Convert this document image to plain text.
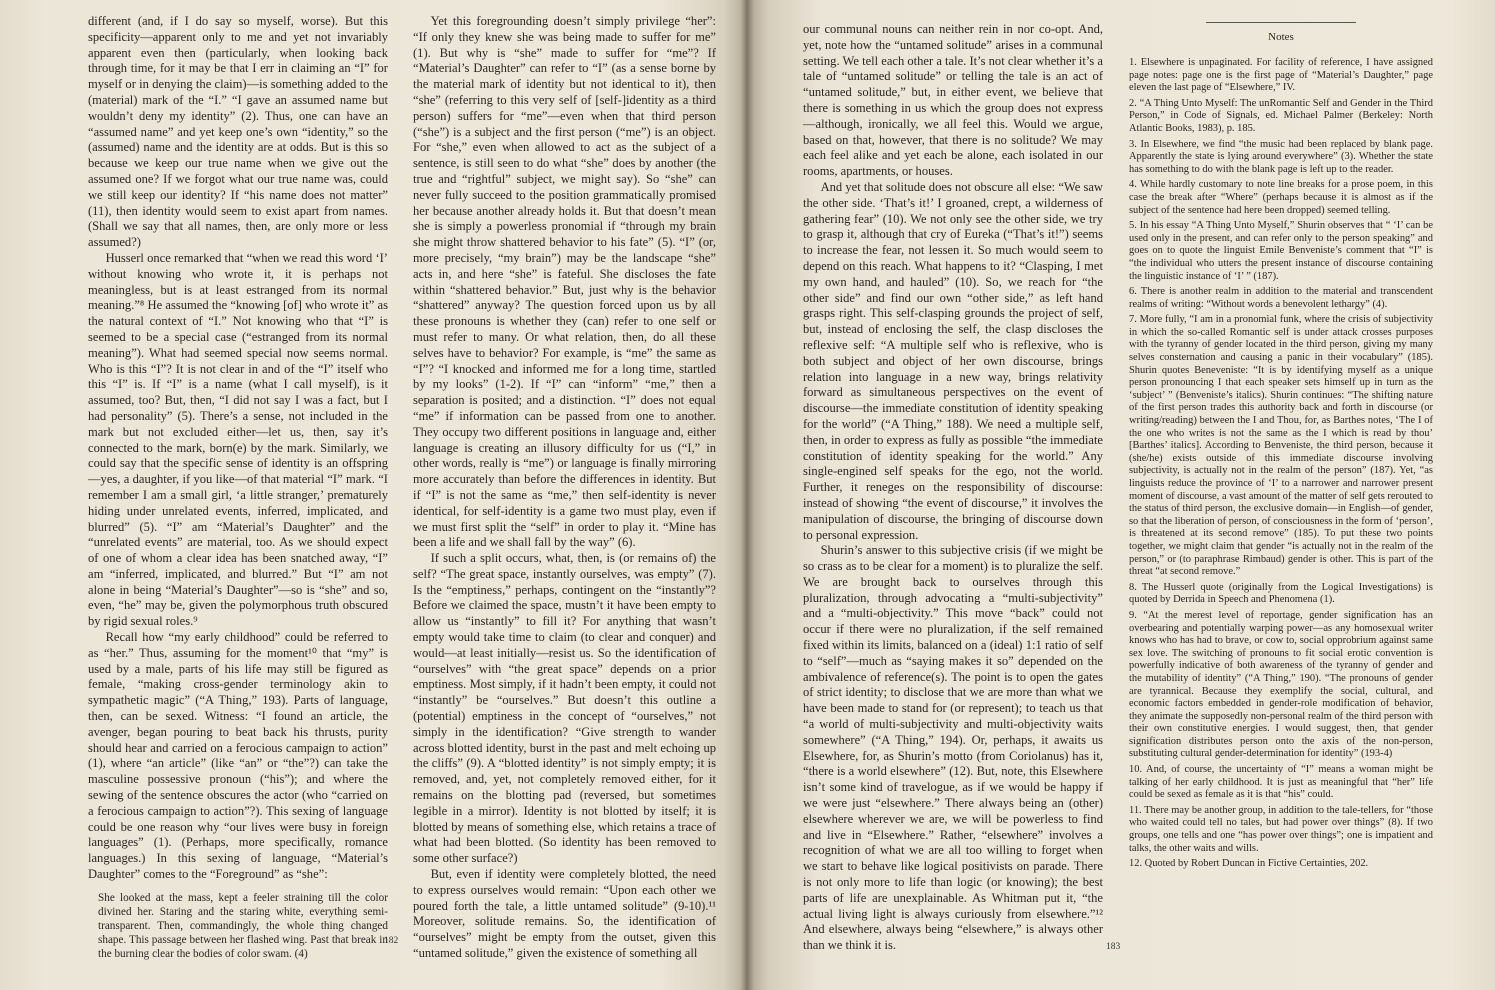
different (and, if I do say so myself, worse). But this specificity—apparent only to me and yet not invariably apparent even then (particularly, when looking back through time, for it may be that I err in claiming an “I” for myself or in denying the claim)—is something added to the (material) mark of the “I.” “I gave an assumed name but wouldn’t deny my identity” (2). Thus, one can have an “assumed name” and yet keep one’s own “identity,” so the (assumed) name and the identity are at odds. But is this so because we keep our true name when we give out the assumed one? If we forgot what our true name was, could we still keep our identity? If “his name does not matter” (11), then identity would seem to exist apart from names. (Shall we say that all names, then, are only more or less assumed?)

Husserl once remarked that “when we read this word ‘I’ without knowing who wrote it, it is perhaps not meaningless, but is at least estranged from its normal meaning.”⁸ He assumed the “knowing [of] who wrote it” as the natural context of “I.” Not knowing who that “I” is seemed to be a special case (“estranged from its normal meaning”). What had seemed special now seems normal. Who is this “I”? It is not clear in and of the “I” itself who this “I” is. If “I” is a name (what I call myself), is it assumed, too? But, then, “I did not say I was a fact, but I had personality” (5). There’s a sense, not included in the mark but not excluded either—let us, then, say it’s connected to the mark, born(e) by the mark. Similarly, we could say that the specific sense of identity is an offspring—yes, a daughter, if you like—of that material “I” mark. “I remember I am a small girl, ‘a little stranger,’ prematurely hiding under unrelated events, inferred, implicated, and blurred” (5). “I” am “Material’s Daughter” and the “unrelated events” are material, too. As we should expect of one of whom a clear idea has been snatched away, “I” am “inferred, implicated, and blurred.” But “I” am not alone in being “Material’s Daughter”—so is “she” and so, even, “he” may be, given the polymorphous truth obscured by rigid sexual roles.⁹

Recall how “my early childhood” could be referred to as “her.” Thus, assuming for the moment¹⁰ that “my” is used by a male, parts of his life may still be figured as female, “making cross-gender terminology akin to sympathetic magic” (“A Thing,” 193). Parts of language, then, can be sexed. Witness: “I found an article, the avenger, began pouring to beat back his thrusts, purity should hear and carried on a ferocious campaign to action” (1), where “an article” (like “an” or “the”?) can take the masculine possessive pronoun (“his”); and where the sewing of the sentence obscures the actor (who “carried on a ferocious campaign to action”?). This sexing of language could be one reason why “our lives were busy in foreign languages” (1). (Perhaps, more specifically, romance languages.) In this sexing of language, “Material’s Daughter” comes to the “Foreground” as “she”:

She looked at the mass, kept a feeler straining till the color divined her. Staring and the staring white, everything semi-transparent. Then, commandingly, the whole thing changed shape. This passage between her flashed wing. Past that break in the burning clear the bodies of color swam. (4)

Yet this foregrounding doesn’t simply privilege “her”: “If only they knew she was being made to suffer for me” (1). But why is “she” made to suffer for “me”? If “Material’s Daughter” can refer to “I” (as a sense borne by the material mark of identity but not identical to it), then “she” (referring to this very self of [self-]identity as a third person) suffers for “me”—even when that third person (“she”) is a subject and the first person (“me”) is an object. For “she,” even when allowed to act as the subject of a sentence, is still seen to do what “she” does by another (the true and “rightful” subject, we might say). So “she” can never fully succeed to the position grammatically promised her because another already holds it. But that doesn’t mean she is simply a powerless pronomial if “through my brain she might throw shattered behavior to his fate” (5). “I” (or, more precisely, “my brain”) may be the landscape “she” acts in, and here “she” is fateful. She discloses the fate within “shattered behavior.” But, just why is the behavior “shattered” anyway? The question forced upon us by all these pronouns is whether they (can) refer to one self or must refer to many. Or what relation, then, do all these selves have to behavior? For example, is “me” the same as “I”? “I knocked and informed me for a long time, startled by my looks” (1-2). If “I” can “inform” “me,” then a separation is posited; and a distinction. “I” does not equal “me” if information can be passed from one to another. They occupy two different positions in language and, either language is creating an illusory difficulty for us (“I,” in other words, really is “me”) or language is finally mirroring more accurately than before the differences in identity. But if “I” is not the same as “me,” then self-identity is never identical, for self-identity is a game two must play, even if we must first split the “self” in order to play it. “Mine has been a life and we shall fall by the way” (6).

If such a split occurs, what, then, is (or remains of) the self? “The great space, instantly ourselves, was empty” (7). Is the “emptiness,” perhaps, contingent on the “instantly”? Before we claimed the space, mustn’t it have been empty to allow us “instantly” to fill it? For anything that wasn’t empty would take time to claim (to clear and conquer) and would—at least initially—resist us. So the identification of “ourselves” with “the great space” depends on a prior emptiness. Most simply, if it hadn’t been empty, it could not “instantly” be “ourselves.” But doesn’t this outline a (potential) emptiness in the concept of “ourselves,” not simply in the identification? “Give strength to wander across blotted identity, burst in the past and melt echoing up the cliffs” (9). A “blotted identity” is not simply empty; it is removed, and, yet, not completely removed either, for it remains on the blotting pad (reversed, but sometimes legible in a mirror). Identity is not blotted by itself; it is blotted by means of something else, which retains a trace of what had been blotted. (So identity has been removed to some other surface?)

But, even if identity were completely blotted, the need to express ourselves would remain: “Upon each other we poured forth the tale, a little untamed solitude” (9-10).¹¹ Moreover, solitude remains. So, the identification of “ourselves” might be empty from the outset, given this “untamed solitude,” given the existence of something all

182
183

our communal nouns can neither rein in nor co-opt. And, yet, note how the “untamed solitude” arises in a communal setting. We tell each other a tale. It’s not clear whether it’s a tale of “untamed solitude” or telling the tale is an act of “untamed solitude,” but, in either event, we believe that there is something in us which the group does not express—although, ironically, we all feel this. Would we argue, based on that, however, that there is no solitude? We may each feel alike and yet each be alone, each isolated in our rooms, apartments, or houses.

And yet that solitude does not obscure all else: “We saw the other side. ‘That’s it!’ I groaned, crept, a wilderness of gathering fear” (10). We not only see the other side, we try to grasp it, although that cry of Eureka (“That’s it!”) seems to increase the fear, not lessen it. So much would seem to depend on this reach. What happens to it? “Clasping, I met my own hand, and hauled” (10). So, we reach for “the other side” and find our own “other side,” as left hand grasps right. This self-clasping grounds the project of self, but, instead of enclosing the self, the clasp discloses the reflexive self: “A multiple self who is reflexive, who is both subject and object of her own discourse, brings relation into language in a new way, brings relativity forward as simultaneous perspectives on the event of discourse—the immediate constitution of identity speaking for the world” (“A Thing,” 188). We need a multiple self, then, in order to express as fully as possible “the immediate constitution of identity speaking for the world.” Any single-engined self speaks for the ego, not the world. Further, it reneges on the responsibility of discourse: instead of showing “the event of discourse,” it involves the manipulation of discourse, the bringing of discourse down to personal expression.

Shurin’s answer to this subjective crisis (if we might be so crass as to be clear for a moment) is to pluralize the self. We are brought back to ourselves through this pluralization, through advocating a “multi-subjectivity” and a “multi-objectivity.” This move “back” could not occur if there were no pluralization, if the self remained fixed within its limits, balanced on a (ideal) 1:1 ratio of self to “self”—much as “saying makes it so” depended on the ambivalence of reference(s). The point is to open the gates of strict identity; to disclose that we are more than what we have been made to stand for (or represent); to teach us that “a world of multi-subjectivity and multi-objectivity waits somewhere” (“A Thing,” 194). Or, perhaps, it awaits us Elsewhere, for, as Shurin’s motto (from Coriolanus) has it, “there is a world elsewhere” (12). But, note, this Elsewhere isn’t some kind of travelogue, as if we would be happy if we were just “elsewhere.” There always being an (other) elsewhere wherever we are, we will be powerless to find and live in “Elsewhere.” Rather, “elsewhere” involves a recognition of what we are all too willing to forget when we start to behave like logical positivists on parade. There is not only more to life than logic (or knowing); the best parts of life are unexplainable. As Whitman put it, “the actual living light is always curiously from elsewhere.”¹² And elsewhere, always being “elsewhere,” is always other than we think it is.

Notes

1. Elsewhere is unpaginated. For facility of reference, I have assigned page notes: page one is the first page of “Material’s Daughter,” page eleven the last page of “Elsewhere,” IV.

2. “A Thing Unto Myself: The unRomantic Self and Gender in the Third Person,” in Code of Signals, ed. Michael Palmer (Berkeley: North Atlantic Books, 1983), p. 185.

3. In Elsewhere, we find “the music had been replaced by blank page. Apparently the state is lying around everywhere” (3). Whether the state has something to do with the blank page is left up to the reader.

4. While hardly customary to note line breaks for a prose poem, in this case the break after “Where” (perhaps because it is almost as if the subject of the sentence had here been dropped) seemed telling.

5. In his essay “A Thing Unto Myself,” Shurin observes that “ ‘I’ can be used only in the present, and can refer only to the person speaking” and goes on to quote the linguist Emile Benveniste’s comment that “I” is “the individual who utters the present instance of discourse containing the linguistic instance of ‘I’ ” (187).

6. There is another realm in addition to the material and transcendent realms of writing: “Without words a benevolent lethargy” (4).

7. More fully, “I am in a pronomial funk, where the crisis of subjectivity in which the so-called Romantic self is under attack crosses purposes with the tyranny of gender located in the third person, giving my many selves consternation and causing a panic in their vocabulary” (185). Shurin quotes Beneveniste: “It is by identifying myself as a unique person pronouncing I that each speaker sets himself up in turn as the ‘subject’ ” (Benveniste’s italics). Shurin continues: “The shifting nature of the first person trades this authority back and forth in discourse (or writing/reading) between the I and Thou, for, as Barthes notes, ‘The I of the one who writes is not the same as the I which is read by thou’ [Barthes’ italics]. According to Benveniste, the third person, because it (she/he) exists outside of this immediate discourse involving subjectivity, is actually not in the realm of the person” (187). Yet, “as linguists reduce the province of ‘I’ to a narrower and narrower present moment of discourse, a vast amount of the matter of self gets rerouted to the status of third person, the exclusive domain—in English—of gender, so that the liberation of person, of consciousness in the form of ‘person’, is threatened at its second remove” (185). To put these two points together, we might claim that gender “is actually not in the realm of the person,” or (to paraphrase Rimbaud) gender is other. This is part of the threat “at second remove.”

8. The Husserl quote (originally from the Logical Investigations) is quoted by Derrida in Speech and Phenomena (1).

9. “At the merest level of reportage, gender signification has an overbearing and potentially warping power—as any homosexual writer knows who has had to brave, or cow to, social opprobrium against same sex love. The switching of pronouns to fit social erotic convention is powerfully indicative of both awareness of the tyranny of gender and the mutability of identity” (“A Thing,” 190). “The pronouns of gender are tyrannical. Because they exemplify the social, cultural, and economic factors embedded in gender-role modification of behavior, they animate the supposedly non-personal realm of the third person with their own constitutive energies. I would suggest, then, that gender signification distributes person onto the axis of the non-person, substituting cultural gender-determination for identity” (193-4)

10. And, of course, the uncertainty of “I” means a woman might be talking of her early childhood. It is just as meaningful that “her” life could be sexed as female as it is that “his” could.

11. There may be another group, in addition to the tale-tellers, for “those who waited could tell no tales, but had power over things” (8). If two groups, one tells and one “has power over things”; one is impatient and talks, the other waits and wills.

12. Quoted by Robert Duncan in Fictive Certainties, 202.
